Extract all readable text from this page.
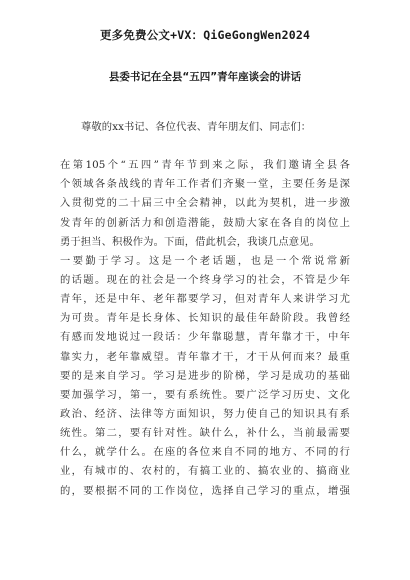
更多免费公文+VX：QiGeGongWen2024
县委书记在全县“五四”青年座谈会的讲话
尊敬的xx书记、各位代表、青年朋友们、同志们：
在第105个“五四”青年节到来之际，我们邀请全县各
个领域各条战线的青年工作者们齐聚一堂，主要任务是深
入贯彻党的二十届三中全会精神，以此为契机，进一步激
发青年的创新活力和创造潜能，鼓励大家在各自的岗位上
勇于担当、积极作为。下面，借此机会，我谈几点意见。
一要勤于学习。这是一个老话题，也是一个常说常新
的话题。现在的社会是一个终身学习的社会，不管是少年
青年，还是中年、老年都要学习，但对青年人来讲学习尤
为可贵。青年是长身体、长知识的最佳年龄阶段。我曾经
有感而发地说过一段话：少年靠聪慧，青年靠才干，中年
靠实力，老年靠威望。青年靠才干，才干从何而来？最重
要的是来自学习。学习是进步的阶梯，学习是成功的基础
要加强学习，第一，要有系统性。要广泛学习历史、文化
政治、经济、法律等方面知识，努力使自己的知识具有系
统性。第二，要有针对性。缺什么，补什么，当前最需要
什么，就学什么。在座的各位来自不同的地方、不同的行
业，有城市的、农村的，有搞工业的、搞农业的、搞商业
的，要根据不同的工作岗位，选择自己学习的重点，增强
